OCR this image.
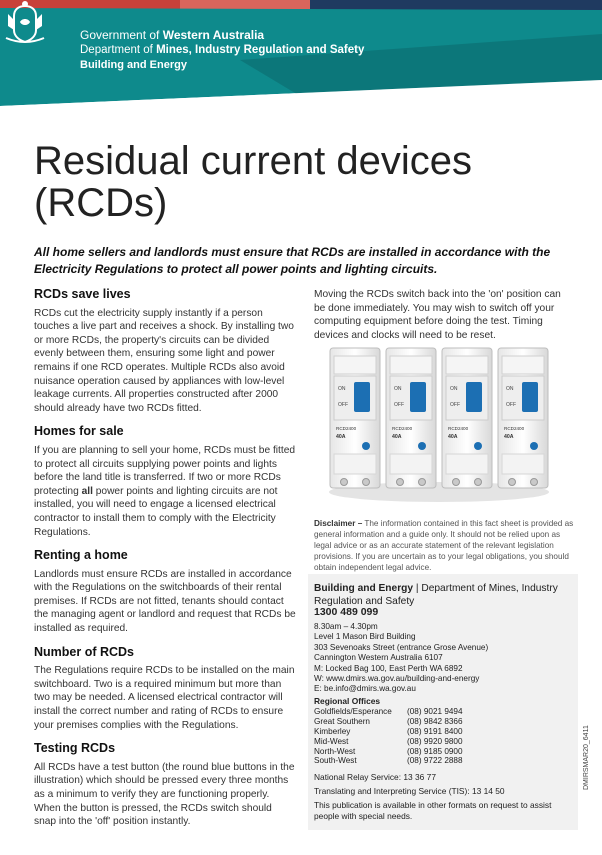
Government of Western Australia
Department of Mines, Industry Regulation and Safety
Building and Energy
Residual current devices
(RCDs)
All home sellers and landlords must ensure that RCDs are installed in accordance with the Electricity Regulations to protect all power points and lighting circuits.
RCDs save lives

RCDs cut the electricity supply instantly if a person touches a live part and receives a shock. By installing two or more RCDs, the property's circuits can be divided evenly between them, ensuring some light and power remains if one RCD operates. Multiple RCDs also avoid nuisance operation caused by appliances with low-level leakage currents. All properties constructed after 2000 should already have two RCDs fitted.

Homes for sale

If you are planning to sell your home, RCDs must be fitted to protect all circuits supplying power points and lights before the land title is transferred. If two or more RCDs protecting all power points and lighting circuits are not installed, you will need to engage a licensed electrical contractor to install them to comply with the Electricity Regulations.

Renting a home

Landlords must ensure RCDs are installed in accordance with the Regulations on the switchboards of their rental premises. If RCDs are not fitted, tenants should contact the managing agent or landlord and request that RCDs be installed as required.

Number of RCDs

The Regulations require RCDs to be installed on the main switchboard. Two is a required minimum but more than two may be needed. A licensed electrical contractor will install the correct number and rating of RCDs to ensure your premises complies with the Regulations.

Testing RCDs

All RCDs have a test button (the round blue buttons in the illustration) which should be pressed every three months as a minimum to verify they are functioning properly. When the button is pressed, the RCDs switch should snap into the 'off' position instantly.

Moving the RCDs switch back into the 'on' position can be done immediately. You may wish to switch off your computing equipment before doing the test. Timing devices and clocks will need to be reset.

ON
OFF
RCD2400
40A
ON
OFF
RCD2400
40A
ON
OFF
RCD2400
40A
ON
OFF
RCD2400
40A
Disclaimer – The information contained in this fact sheet is provided as general information and a guide only. It should not be relied upon as legal advice or as an accurate statement of the relevant legislation provisions. If you are uncertain as to your legal obligations, you should obtain independent legal advice.
Building and Energy | Department of Mines, Industry Regulation and Safety
1300 489 099
8.30am – 4.30pm
Level 1 Mason Bird Building
303 Sevenoaks Street (entrance Grose Avenue)
Cannington Western Australia 6107
M: Locked Bag 100, East Perth WA 6892
W: www.dmirs.wa.gov.au/building-and-energy
E: be.info@dmirs.wa.gov.au
Regional Offices
Goldfields/Esperance (08) 9021 9494
Great Southern	(08) 9842 8366
Kimberley	(08) 9191 8400
Mid-West	(08) 9920 9800
North-West	(08) 9185 0900
South-West	(08) 9722 2888
National Relay Service: 13 36 77
Translating and Interpreting Service (TIS): 13 14 50
This publication is available in other formats on request to assist people with special needs.
DMIRSMAR20_6411
